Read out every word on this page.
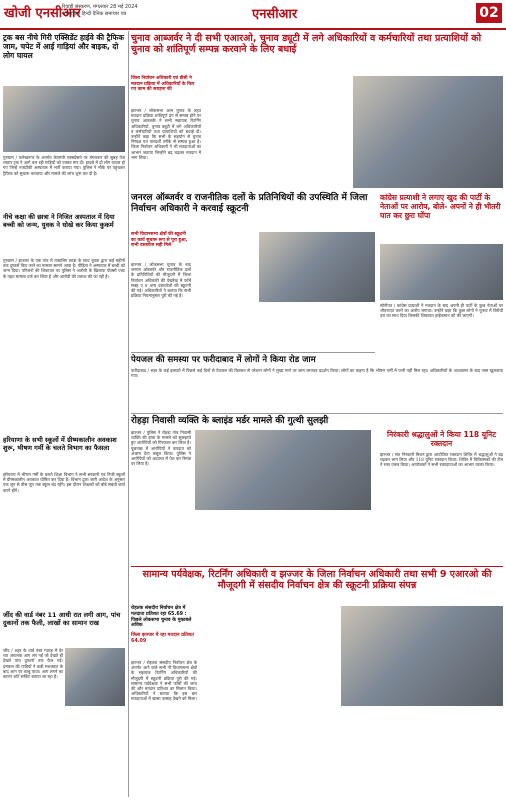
खोजी एनसीआर
रिवाड़ी संस्करण, मंगलवार 28 मई 2024
साप्ताहिक हिन्दी दैनिक समाचार पत्र	एनसीआर	02
ट्रक बस नीचे गिरी एक्सिडेंट हाईवे की ट्रैफिक जाम, चपेट में आई गाड़ियां और बाइक, दो लोग घायल
गुरुग्राम / फर्रुखनगर के अंतर्गत केएमपी एक्सप्रेसवे पर मंगलवार की सुबह तेज रफ्तार ट्रक ने आगे चल रही गाड़ियों को टक्कर मार दी। हादसे में दो लोग घायल हो गए जिन्हें नजदीकी अस्पताल में भर्ती कराया गया। पुलिस ने मौके पर पहुंचकर ट्रैफिक को सुचारू करवाया और मामले की जांच शुरू कर दी है।
नीचे कक्षा की छात्रा ने निजित अस्पताल में दिया बच्ची को जन्म, युवक ने धोखे कर किया कुकर्म
गुरुग्राम / झज्जर के एक गांव में नाबालिग छात्रा के साथ युवक द्वारा कई महीनों तक दुष्कर्म किए जाने का मामला सामने आया है। पीड़िता ने अस्पताल में बच्ची को जन्म दिया। परिजनों की शिकायत पर पुलिस ने आरोपी के खिलाफ पोक्सो एक्ट के तहत मामला दर्ज कर लिया है और आरोपी की तलाश की जा रही है।
हरियाणा के सभी स्कूलों में ग्रीष्मकालीन अवकाश शुरू, भीषण गर्मी के चलते विभाग का फैसला
हरियाणा में भीषण गर्मी के चलते शिक्षा विभाग ने सभी सरकारी एवं निजी स्कूलों में ग्रीष्मकालीन अवकाश घोषित कर दिया है। विभाग द्वारा जारी आदेश के अनुसार एक जून से तीस जून तक स्कूल बंद रहेंगे। इस दौरान शिक्षकों को बोर्ड संबंधी कार्य करने होंगे।
जींद की वार्ड नंबर 11 आधी रात लगी आग, पांच दुकानों तक फैली, लाखों का सामान राख
जींद / शहर के वार्ड नंबर ग्यारह में देर रात अचानक आग लग गई जो देखते ही देखते पांच दुकानों तक फैल गई। दमकल की गाड़ियों ने कड़ी मशक्कत के बाद आग पर काबू पाया। आग लगने का कारण शॉर्ट सर्किट बताया जा रहा है।
चुनाव आब्जर्वर ने दी सभी एआरओ, चुनाव ड्यूटी में लगे अधिकारियों व कर्मचारियों तथा प्रत्याशियों को चुनाव को शांतिपूर्ण सम्पन्न करवाने के लिए बधाई
जिला निर्वाचन अधिकारी एवं डीसी ने मतदान प्रक्रिया में अधिकारियों के किए गए काम की सराहना की
झज्जर / लोकसभा आम चुनाव के तहत मतदान प्रक्रिया शांतिपूर्ण ढंग से सम्पन्न होने पर चुनाव आब्जर्वर ने सभी सहायक रिटर्निंग अधिकारियों, चुनाव ड्यूटी में लगे अधिकारियों व कर्मचारियों तथा प्रत्याशियों को बधाई दी। उन्होंने कहा कि सभी के सहयोग से चुनाव निष्पक्ष एवं पारदर्शी तरीके से सम्पन्न हुआ है। जिला निर्वाचन अधिकारी ने भी मतदाताओं का आभार जताया जिन्होंने बढ़ चढ़कर मतदान में भाग लिया।
जनरल ऑब्जर्वर व राजनीतिक दलों के प्रतिनिधियों की उपस्थिति में जिला निर्वाचन अधिकारी ने करवाई स्क्रूटनी
सभी विधानसभा क्षेत्रों की स्क्रूटनी का कार्य सुचारू रूप से पूरा हुआ, सभी दस्तावेज सही मिले
झज्जर / लोकसभा चुनाव के बाद जनरल ऑब्जर्वर और राजनीतिक दलों के प्रतिनिधियों की मौजूदगी में जिला निर्वाचन अधिकारी की देखरेख में फॉर्म सत्रह ए व अन्य दस्तावेजों की स्क्रूटनी की गई। अधिकारियों ने बताया कि सभी प्रक्रिया नियमानुसार पूरी की गई है।
कांग्रेस प्रत्याशी ने लगाए खुद की पार्टी के नेताओं पर आरोप, बोले- अपनों ने ही भीतरी घात कर छुरा घोंपा
सोनीपत / कांग्रेस प्रत्याशी ने मतदान के बाद अपनी ही पार्टी के कुछ नेताओं पर भीतरघात करने का आरोप लगाया। उन्होंने कहा कि कुछ लोगों ने चुनाव में विरोधी दल का साथ दिया जिसकी शिकायत हाईकमान को की जाएगी।
पेयजल की समस्या पर फरीदाबाद में लोगों ने किया रोड जाम
फरीदाबाद / शहर के कई इलाकों में पिछले कई दिनों से पेयजल की किल्लत से परेशान लोगों ने मुख्य मार्ग पर जाम लगाकर प्रदर्शन किया। लोगों का कहना है कि भीषण गर्मी में पानी नहीं मिल रहा। अधिकारियों के आश्वासन के बाद जाम खुलवाया गया।
रोहड़ा निवासी व्यक्ति के ब्लाइंड मर्डर मामले की गुत्थी सुलझी
झज्जर / पुलिस ने रोहड़ा गांव निवासी व्यक्ति की हत्या के मामले को सुलझाते हुए आरोपियों को गिरफ्तार कर लिया है। पूछताछ में आरोपियों ने वारदात को अंजाम देना कबूल किया। पुलिस ने आरोपियों को अदालत में पेश कर रिमांड पर लिया है।
निरंकारी श्रद्धालुओं ने किया 118 यूनिट रक्तदान
झज्जर / संत निरंकारी मिशन द्वारा आयोजित रक्तदान शिविर में श्रद्धालुओं ने बढ़ चढ़कर भाग लिया और 118 यूनिट रक्तदान किया। शिविर में चिकित्सकों की टीम ने रक्त एकत्र किया। आयोजकों ने सभी रक्तदाताओं का आभार व्यक्त किया।
सामान्य पर्यवेक्षक, रिटर्निंग अधिकारी व झज्जर के जिला निर्वाचन अधिकारी तथा सभी 9 एआरओ की मौजूदगी में संसदीय निर्वाचन क्षेत्र की स्क्रूटनी प्रक्रिया संपन्न
रोहतक संसदीय निर्वाचन क्षेत्र में मतदाता प्रतिशत रहा 65.69 : पिछले लोकसभा चुनाव के मुकाबले अधिक
जिला झज्जर में रहा मतदान प्रतिशत 64.09
झज्जर / रोहतक संसदीय निर्वाचन क्षेत्र के अंतर्गत आने वाले सभी नौ विधानसभा क्षेत्रों के सहायक रिटर्निंग अधिकारियों की मौजूदगी में स्क्रूटनी प्रक्रिया पूरी की गई। सामान्य पर्यवेक्षक ने सभी फॉर्मों की जांच की और मतदान प्रतिशत का मिलान किया। अधिकारियों ने बताया कि इस बार मतदाताओं में खासा उत्साह देखने को मिला।
